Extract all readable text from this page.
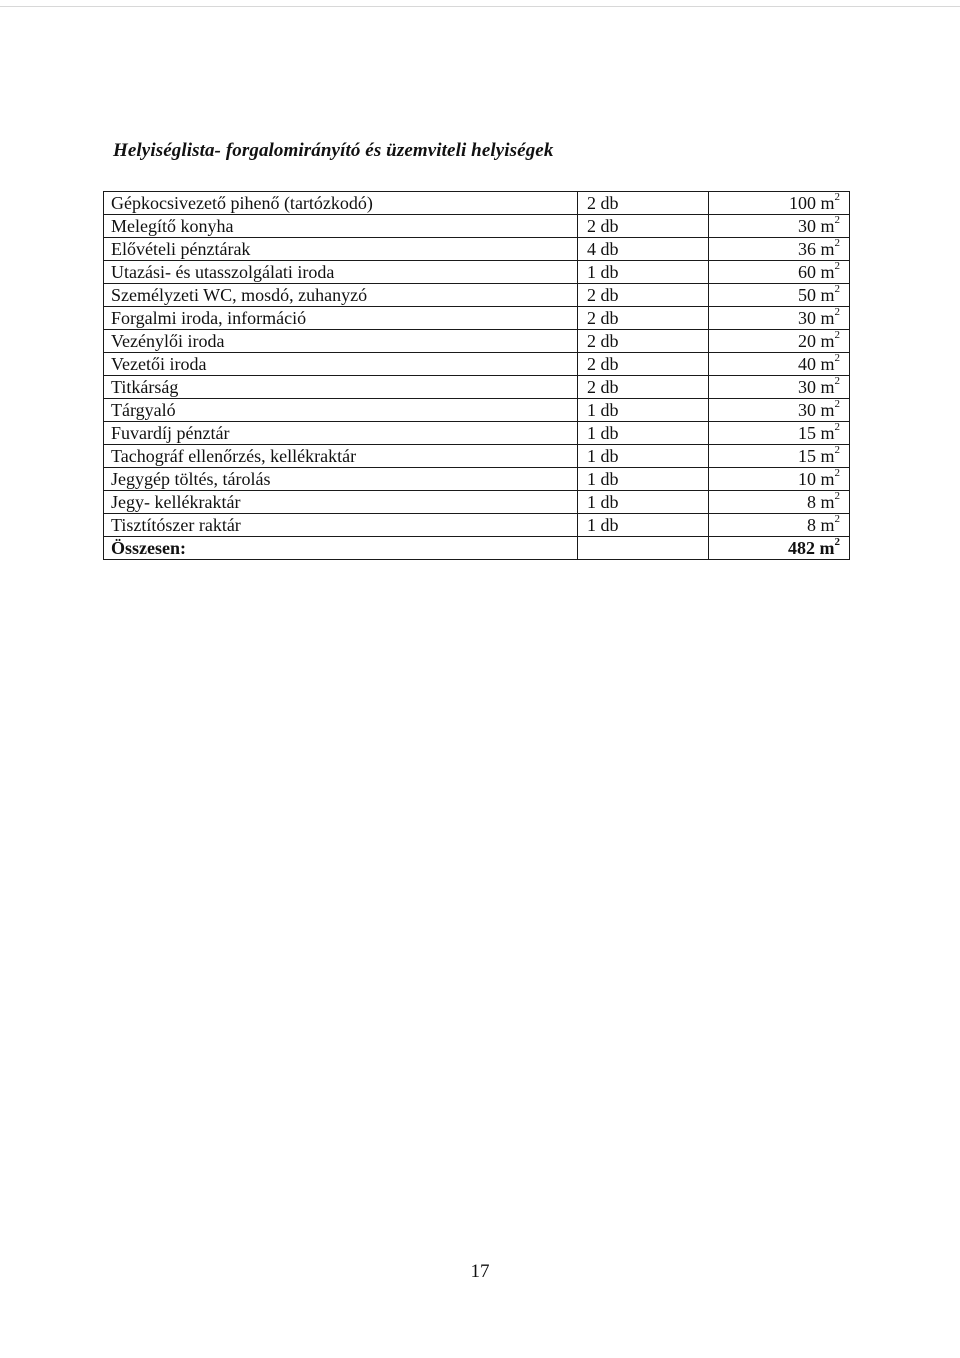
Helyiséglista- forgalomirányító és üzemviteli helyiségek
Gépkocsivezető pihenő (tartózkodó)	2 db	100 $m^2$
Melegítő konyha	2 db	30 $m^2$
Elővételi pénztárak	4 db	36 $m^2$
Utazási- és utasszolgálati iroda	1 db	60 $m^2$
Személyzeti WC, mosdó, zuhanyzó	2 db	50 $m^2$
Forgalmi iroda, információ	2 db	30 $m^2$
Vezénylői iroda	2 db	20 $m^2$
Vezetői iroda	2 db	40 $m^2$
Titkárság	2 db	30 $m^2$
Tárgyaló	1 db	30 $m^2$
Fuvardíj pénztár	1 db	15 $m^2$
Tachográf ellenőrzés, kellékraktár	1 db	15 $m^2$
Jegygép töltés, tárolás	1 db	10 $m^2$
Jegy- kellékraktár	1 db	8 $m^2$
Tisztítószer raktár	1 db	8 $m^2$
Összesen:		482 $m^2$
17
